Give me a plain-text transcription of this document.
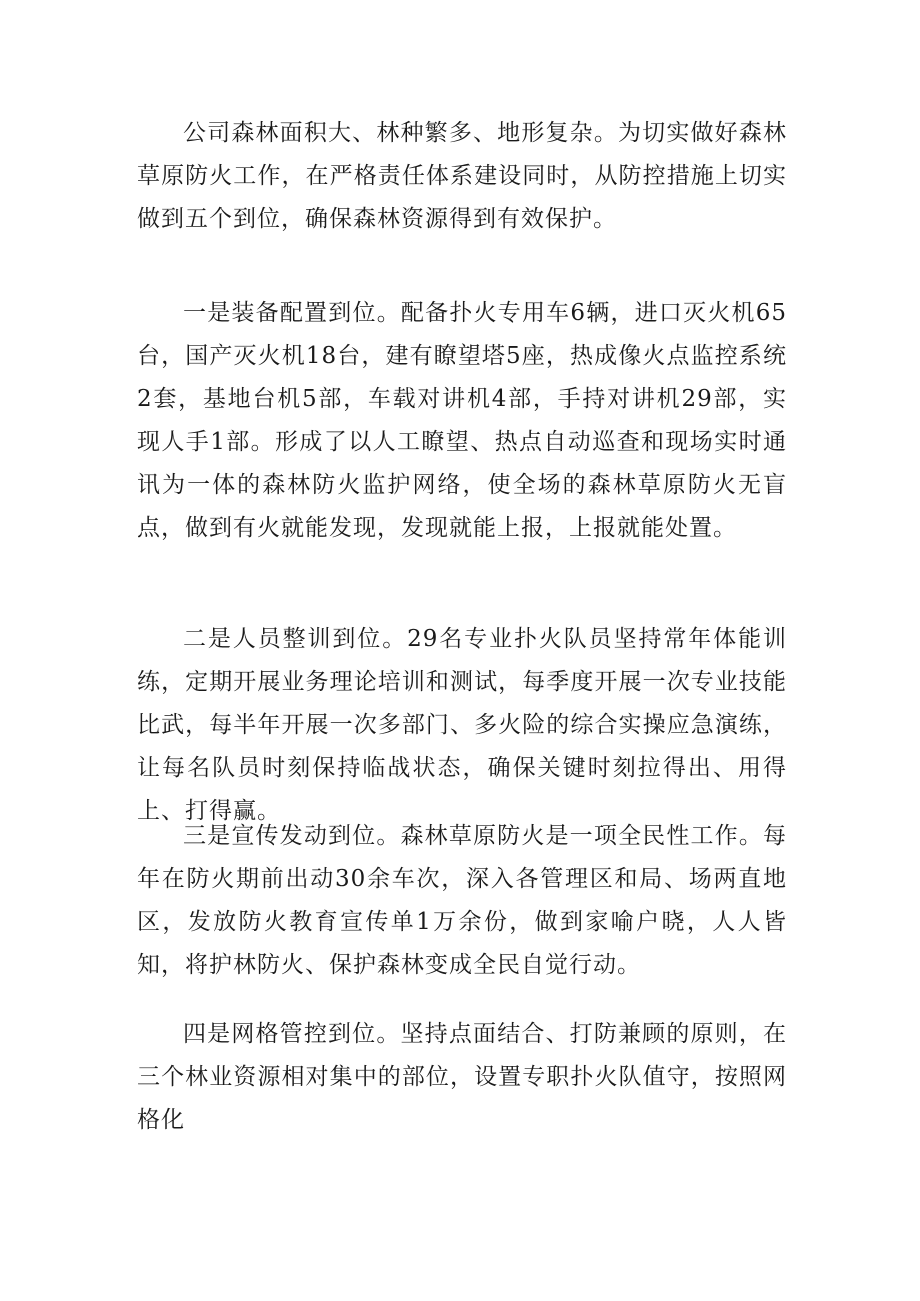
公司森林面积大、林种繁多、地形复杂。为切实做好森林草原防火工作，在严格责任体系建设同时，从防控措施上切实做到五个到位，确保森林资源得到有效保护。

一是装备配置到位。配备扑火专用车6辆，进口灭火机65台，国产灭火机18台，建有瞭望塔5座，热成像火点监控系统2套，基地台机5部，车载对讲机4部，手持对讲机29部，实现人手1部。形成了以人工瞭望、热点自动巡查和现场实时通讯为一体的森林防火监护网络，使全场的森林草原防火无盲点，做到有火就能发现，发现就能上报，上报就能处置。

二是人员整训到位。29名专业扑火队员坚持常年体能训练，定期开展业务理论培训和测试，每季度开展一次专业技能比武，每半年开展一次多部门、多火险的综合实操应急演练，让每名队员时刻保持临战状态，确保关键时刻拉得出、用得上、打得赢。

三是宣传发动到位。森林草原防火是一项全民性工作。每年在防火期前出动30余车次，深入各管理区和局、场两直地区，发放防火教育宣传单1万余份，做到家喻户晓，人人皆知，将护林防火、保护森林变成全民自觉行动。

四是网格管控到位。坚持点面结合、打防兼顾的原则，在三个林业资源相对集中的部位，设置专职扑火队值守，按照网格化
